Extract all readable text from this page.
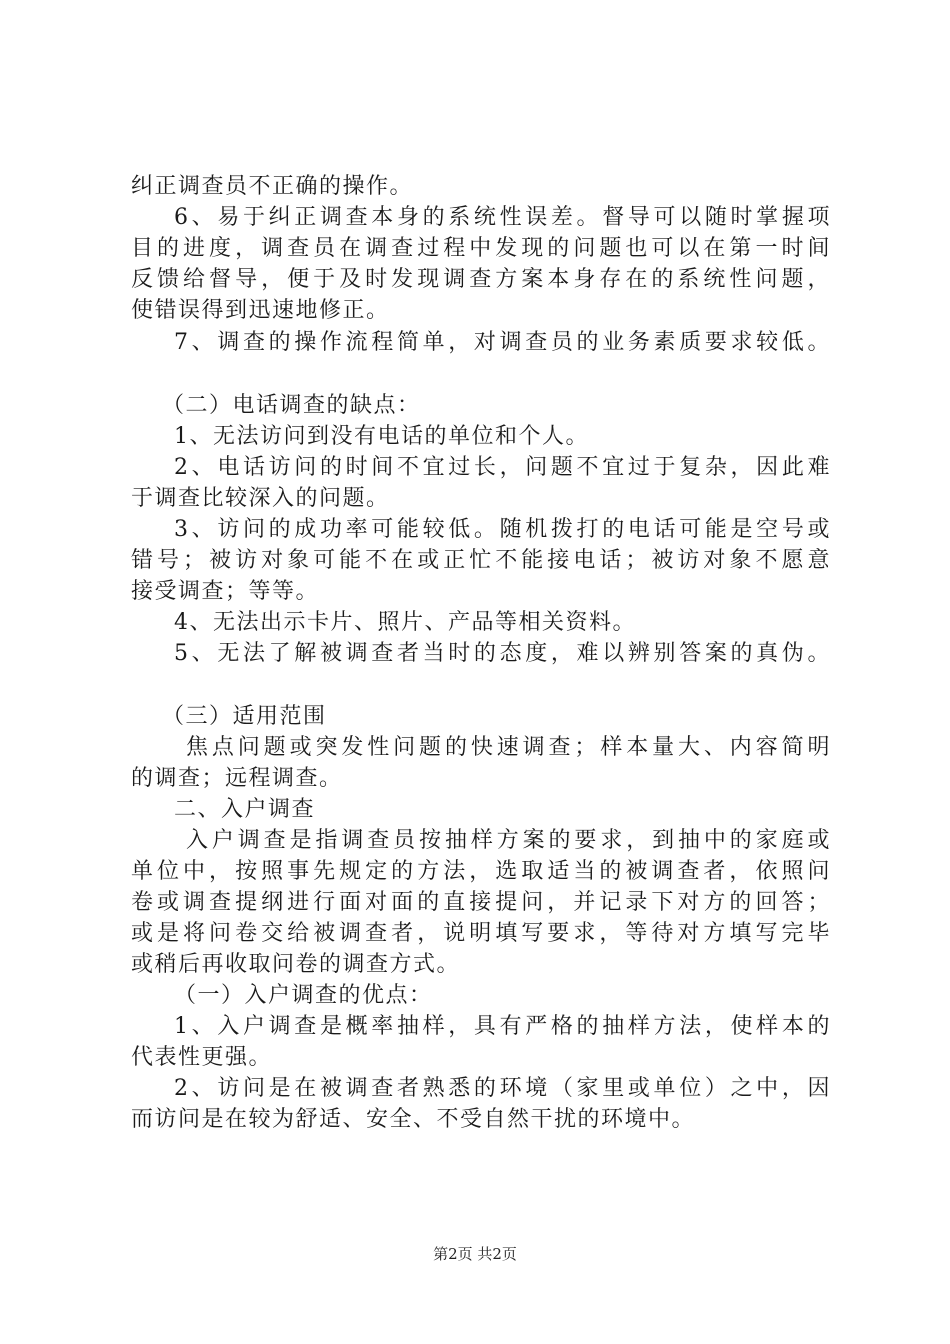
纠正调查员不正确的操作。
6、易于纠正调查本身的系统性误差。督导可以随时掌握项
目的进度，调查员在调查过程中发现的问题也可以在第一时间
反馈给督导，便于及时发现调查方案本身存在的系统性问题，
使错误得到迅速地修正。
7、调查的操作流程简单，对调查员的业务素质要求较低。
（二）电话调查的缺点：
1、无法访问到没有电话的单位和个人。
2、电话访问的时间不宜过长，问题不宜过于复杂，因此难
于调查比较深入的问题。
3、访问的成功率可能较低。随机拨打的电话可能是空号或
错号；被访对象可能不在或正忙不能接电话；被访对象不愿意
接受调查；等等。
4、无法出示卡片、照片、产品等相关资料。
5、无法了解被调查者当时的态度，难以辨别答案的真伪。
（三）适用范围
焦点问题或突发性问题的快速调查；样本量大、内容简明
的调查；远程调查。
二、入户调查
入户调查是指调查员按抽样方案的要求，到抽中的家庭或
单位中，按照事先规定的方法，选取适当的被调查者，依照问
卷或调查提纲进行面对面的直接提问，并记录下对方的回答；
或是将问卷交给被调查者，说明填写要求，等待对方填写完毕
或稍后再收取问卷的调查方式。
（一）入户调查的优点：
1、入户调查是概率抽样，具有严格的抽样方法，使样本的
代表性更强。
2、访问是在被调查者熟悉的环境（家里或单位）之中，因
而访问是在较为舒适、安全、不受自然干扰的环境中。
第2页 共2页
